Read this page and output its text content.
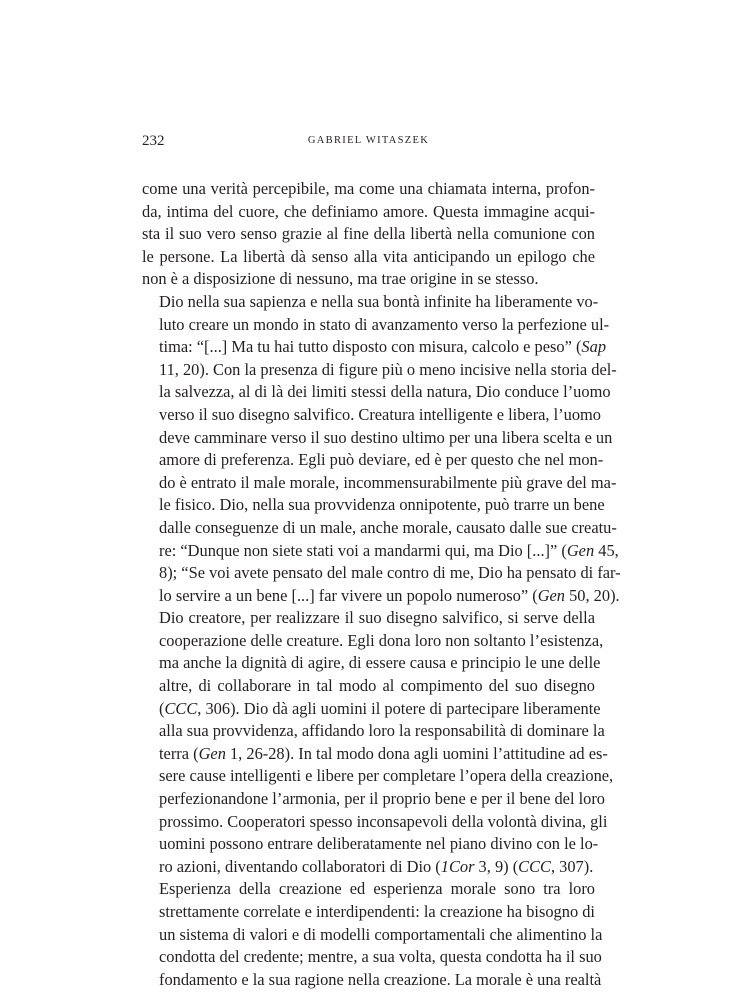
232	GABRIEL WITASZEK

come una verità percepibile, ma come una chiamata interna, profon-
da, intima del cuore, che definiamo amore. Questa immagine acqui-
sta il suo vero senso grazie al fine della libertà nella comunione con
le persone. La libertà dà senso alla vita anticipando un epilogo che
non è a disposizione di nessuno, ma trae origine in se stesso.

Dio nella sua sapienza e nella sua bontà infinite ha liberamente vo-
luto creare un mondo in stato di avanzamento verso la perfezione ul-
tima: “[...] Ma tu hai tutto disposto con misura, calcolo e peso” (Sap
11, 20). Con la presenza di figure più o meno incisive nella storia del-
la salvezza, al di là dei limiti stessi della natura, Dio conduce l’uomo
verso il suo disegno salvifico. Creatura intelligente e libera, l’uomo
deve camminare verso il suo destino ultimo per una libera scelta e un
amore di preferenza. Egli può deviare, ed è per questo che nel mon-
do è entrato il male morale, incommensurabilmente più grave del ma-
le fisico. Dio, nella sua provvidenza onnipotente, può trarre un bene
dalle conseguenze di un male, anche morale, causato dalle sue creatu-
re: “Dunque non siete stati voi a mandarmi qui, ma Dio [...]” (Gen 45,
8); “Se voi avete pensato del male contro di me, Dio ha pensato di far-
lo servire a un bene [...] far vivere un popolo numeroso” (Gen 50, 20).

Dio creatore, per realizzare il suo disegno salvifico, si serve della
cooperazione delle creature. Egli dona loro non soltanto l’esistenza,
ma anche la dignità di agire, di essere causa e principio le une delle
altre, di collaborare in tal modo al compimento del suo disegno
(CCC, 306). Dio dà agli uomini il potere di partecipare liberamente
alla sua provvidenza, affidando loro la responsabilità di dominare la
terra (Gen 1, 26-28). In tal modo dona agli uomini l’attitudine ad es-
sere cause intelligenti e libere per completare l’opera della creazione,
perfezionandone l’armonia, per il proprio bene e per il bene del loro
prossimo. Cooperatori spesso inconsapevoli della volontà divina, gli
uomini possono entrare deliberatamente nel piano divino con le lo-
ro azioni, diventando collaboratori di Dio (1Cor 3, 9) (CCC, 307).

Esperienza della creazione ed esperienza morale sono tra loro
strettamente correlate e interdipendenti: la creazione ha bisogno di
un sistema di valori e di modelli comportamentali che alimentino la
condotta del credente; mentre, a sua volta, questa condotta ha il suo
fondamento e la sua ragione nella creazione. La morale è una realtà
